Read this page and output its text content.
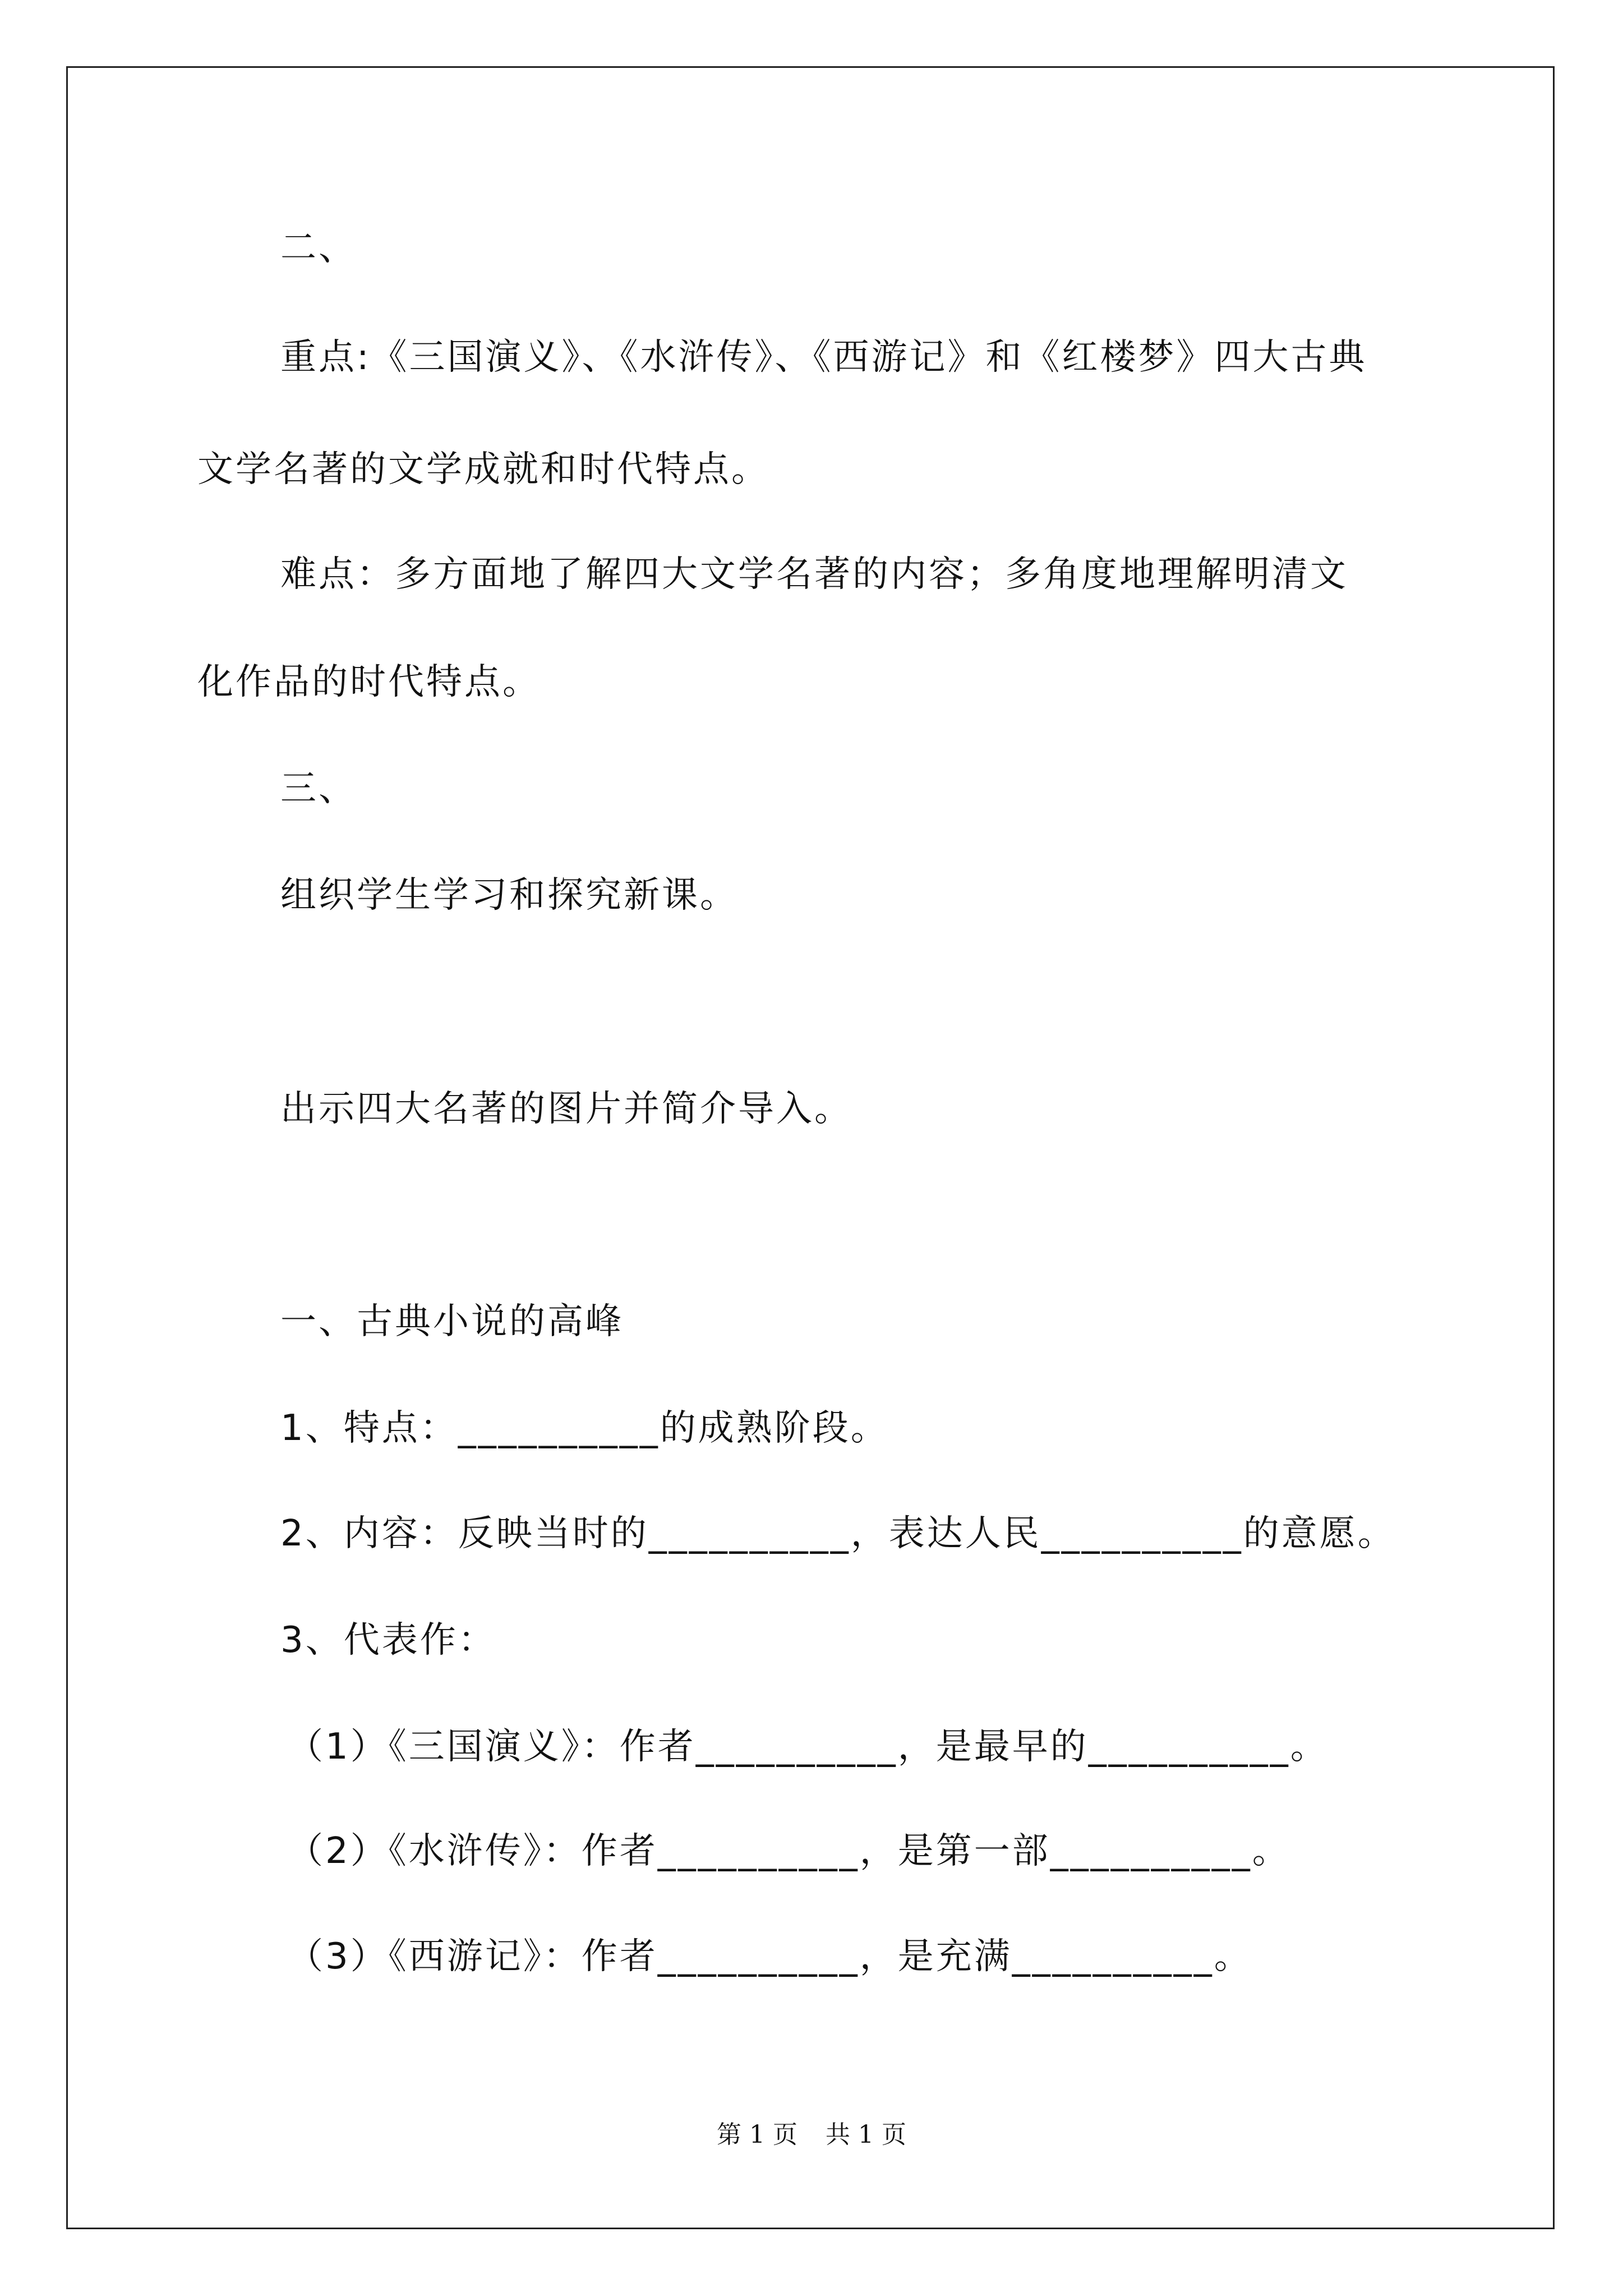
二、
重点:《三国演义》、《水浒传》、《西游记》和《红楼梦》四大古典
文学名著的文学成就和时代特点。
难点：多方面地了解四大文学名著的内容；多角度地理解明清文
化作品的时代特点。
三、
组织学生学习和探究新课。
出示四大名著的图片并简介导入。
一、古典小说的高峰
1、特点：__________的成熟阶段。
2、内容：反映当时的__________，表达人民__________的意愿。
3、代表作：
（1）《三国演义》：作者__________，是最早的__________。
（2）《水浒传》：作者__________，是第一部__________。
（3）《西游记》：作者__________，是充满__________。
第 1 页 共 1 页
